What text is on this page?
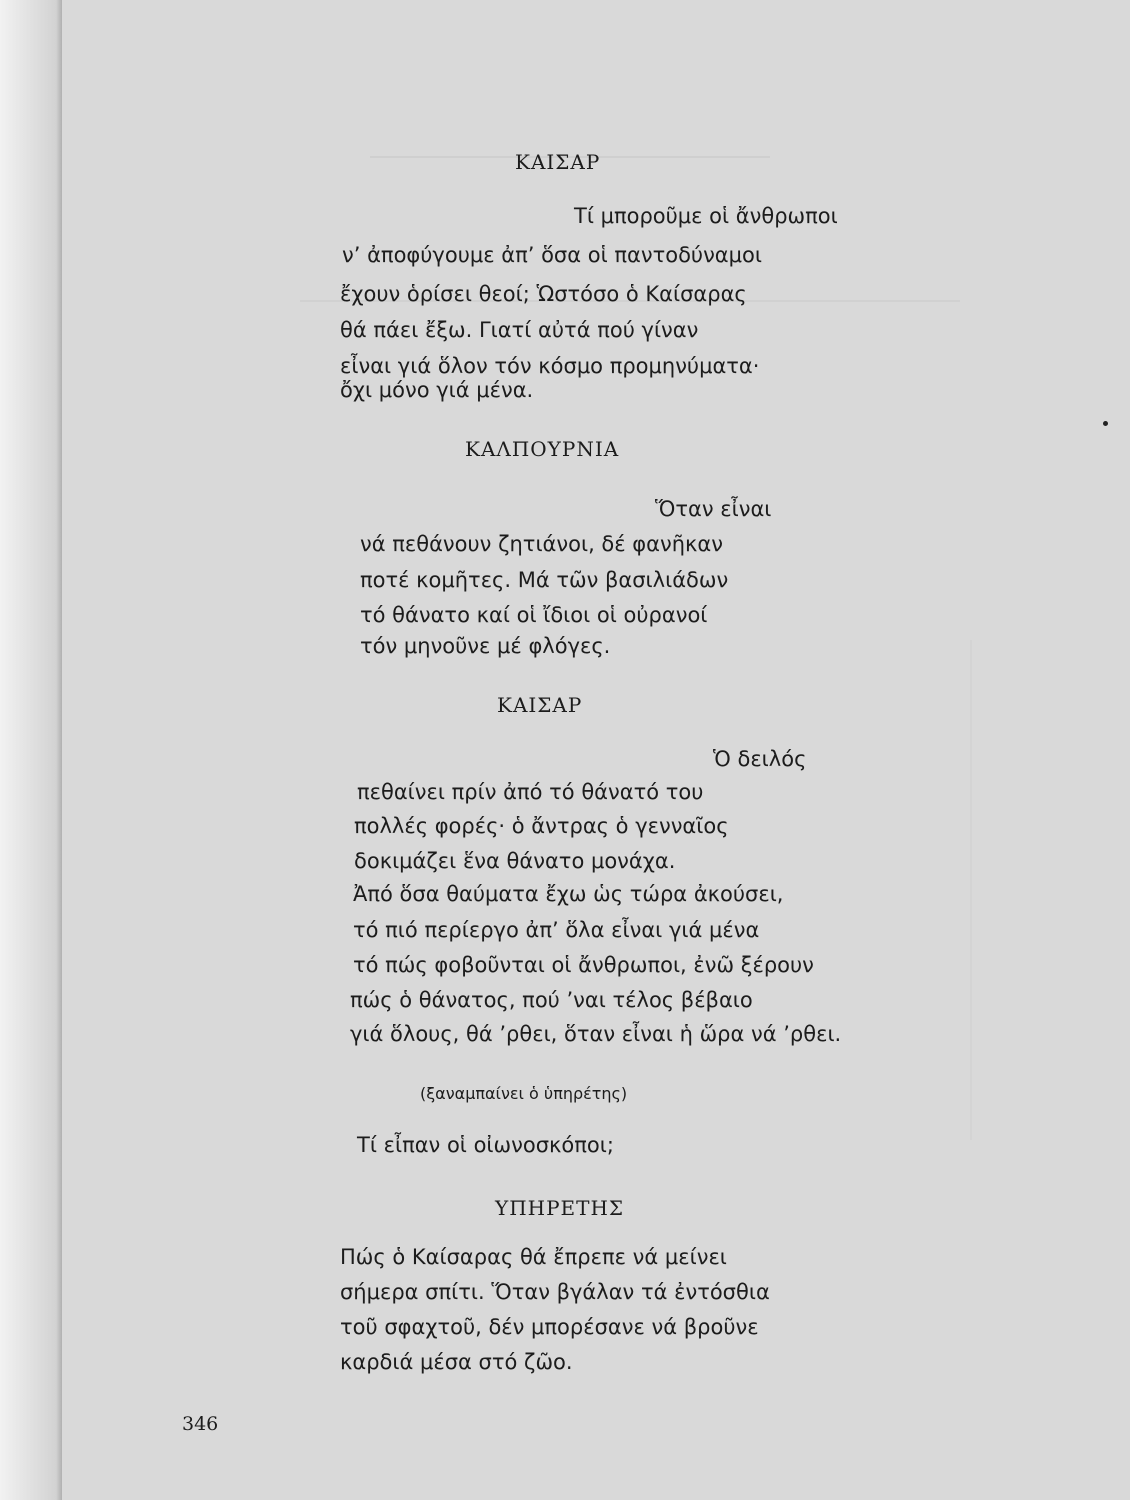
ΚΑΙΣΑΡ
Τί μποροῦμε οἱ ἄνθρωποι
ν’ ἀποφύγουμε ἀπ’ ὅσα οἱ παντοδύναμοι
ἔχουν ὁρίσει θεοί; Ὡστόσο ὁ Καίσαρας
θά πάει ἔξω. Γιατί αὐτά πού γίναν
εἶναι γιά ὅλον τόν κόσμο προμηνύματα·
ὄχι μόνο γιά μένα.
ΚΑΛΠΟΥΡΝΙΑ
Ὅταν εἶναι
νά πεθάνουν ζητιάνοι, δέ φανῆκαν
ποτέ κομῆτες. Μά τῶν βασιλιάδων
τό θάνατο καί οἱ ἴδιοι οἱ οὐρανοί
τόν μηνοῦνε μέ φλόγες.
ΚΑΙΣΑΡ
Ὁ δειλός
πεθαίνει πρίν ἀπό τό θάνατό του
πολλές φορές· ὁ ἄντρας ὁ γενναῖος
δοκιμάζει ἕνα θάνατο μονάχα.
Ἀπό ὅσα θαύματα ἔχω ὡς τώρα ἀκούσει,
τό πιό περίεργο ἀπ’ ὅλα εἶναι γιά μένα
τό πώς φοβοῦνται οἱ ἄνθρωποι, ἐνῶ ξέρουν
πώς ὁ θάνατος, πού ’ναι τέλος βέβαιο
γιά ὅλους, θά ’ρθει, ὅταν εἶναι ἡ ὥρα νά ’ρθει.
(ξαναμπαίνει ὁ ὑπηρέτης)
Τί εἶπαν οἱ οἰωνοσκόποι;
ΥΠΗΡΕΤΗΣ
Πώς ὁ Καίσαρας θά ἔπρεπε νά μείνει
σήμερα σπίτι. Ὅταν βγάλαν τά ἐντόσθια
τοῦ σφαχτοῦ, δέν μπορέσανε νά βροῦνε
καρδιά μέσα στό ζῶο.
346
